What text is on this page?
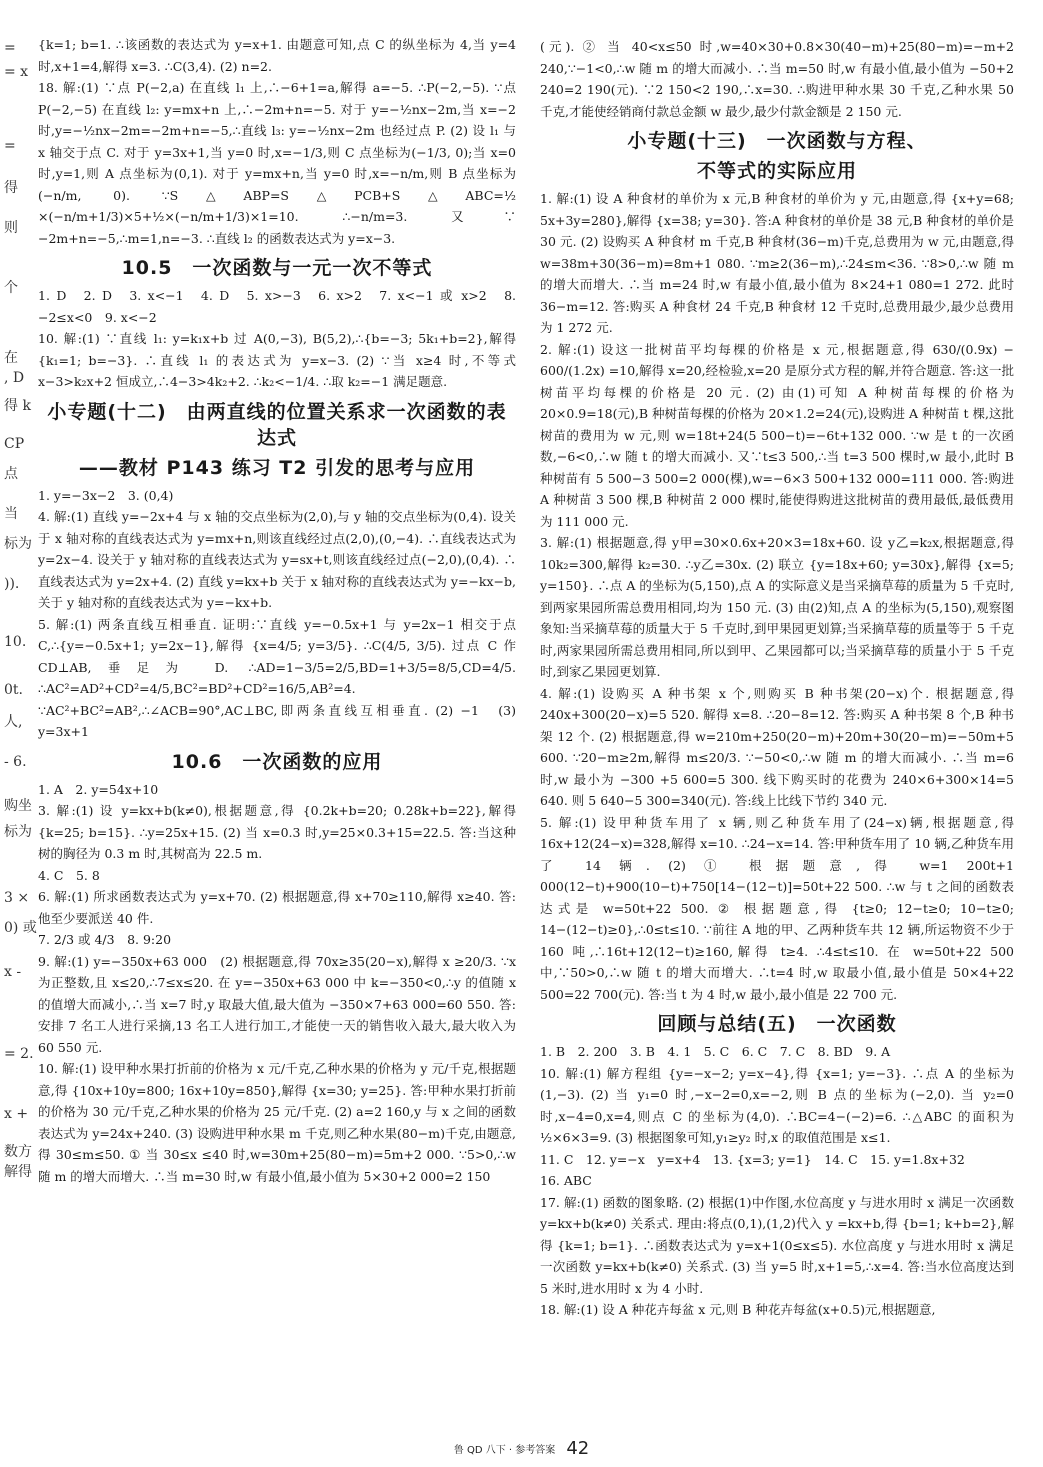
=
= x
=
得
则
个
在
, D
得 k
CP
点
当
标为
)).
10.
0t.
人,
- 6.
购坐
标为
3 ×
0) 或
x -
= 2.
x +
数方
解得

{k=1; b=1. ∴该函数的表达式为 y=x+1. 由题意可知,点 C 的纵坐标为 4,当 y=4 时,x+1=4,解得 x=3. ∴C(3,4). (2) n=2.

18. 解:(1) ∵点 P(−2,a) 在直线 l₁ 上,∴−6+1=a,解得 a=−5. ∴P(−2,−5). ∵点 P(−2,−5) 在直线 l₂: y=mx+n 上,∴−2m+n=−5. 对于 y=−½nx−2m,当 x=−2 时,y=−½nx−2m=−2m+n=−5,∴直线 l₃: y=−½nx−2m 也经过点 P. (2) 设 l₁ 与 x 轴交于点 C. 对于 y=3x+1,当 y=0 时,x=−1/3,则 C 点坐标为(−1/3, 0);当 x=0 时,y=1,则 A 点坐标为(0,1). 对于 y=mx+n,当 y=0 时,x=−n/m,则 B 点坐标为(−n/m, 0). ∵S△ABP=S△PCB+S△ABC=½ ×(−n/m+1/3)×5+½×(−n/m+1/3)×1=10. ∴−n/m=3. 又∵ −2m+n=−5,∴m=1,n=−3. ∴直线 l₂ 的函数表达式为 y=x−3.

10.5　一次函数与一元一次不等式

1. D　2. D　3. x<−1　4. D　5. x>−3　6. x>2　7. x<−1 或 x>2　8. −2≤x<0　9. x<−2

10. 解:(1) ∵直线 l₁: y=k₁x+b 过 A(0,−3), B(5,2),∴{b=−3; 5k₁+b=2},解得 {k₁=1; b=−3}. ∴直线 l₁ 的表达式为 y=x−3. (2) ∵当 x≥4 时,不等式 x−3>k₂x+2 恒成立,∴4−3>4k₂+2. ∴k₂<−1/4. ∴取 k₂=−1 满足题意.

小专题(十二)　由两直线的位置关系求一次函数的表达式
——教材 P143 练习 T2 引发的思考与应用

1. y=−3x−2　3. (0,4)

4. 解:(1) 直线 y=−2x+4 与 x 轴的交点坐标为(2,0),与 y 轴的交点坐标为(0,4). 设关于 x 轴对称的直线表达式为 y=mx+n,则该直线经过点(2,0),(0,−4). ∴直线表达式为 y=2x−4. 设关于 y 轴对称的直线表达式为 y=sx+t,则该直线经过点(−2,0),(0,4). ∴直线表达式为 y=2x+4. (2) 直线 y=kx+b 关于 x 轴对称的直线表达式为 y=−kx−b,关于 y 轴对称的直线表达式为 y=−kx+b.

5. 解:(1) 两条直线互相垂直. 证明:∵直线 y=−0.5x+1 与 y=2x−1 相交于点 C,∴{y=−0.5x+1; y=2x−1},解得 {x=4/5; y=3/5}. ∴C(4/5, 3/5). 过点 C 作 CD⊥AB,垂足为 D. ∴AD=1−3/5=2/5,BD=1+3/5=8/5,CD=4/5. ∴AC²=AD²+CD²=4/5,BC²=BD²+CD²=16/5,AB²=4. ∵AC²+BC²=AB²,∴∠ACB=90°,AC⊥BC,即两条直线互相垂直. (2) −1　(3) y=3x+1

10.6　一次函数的应用

1. A　2. y=54x+10

3. 解:(1) 设 y=kx+b(k≠0),根据题意,得 {0.2k+b=20; 0.28k+b=22},解得 {k=25; b=15}. ∴y=25x+15. (2) 当 x=0.3 时,y=25×0.3+15=22.5. 答:当这种树的胸径为 0.3 m 时,其树高为 22.5 m.

4. C　5. 8

6. 解:(1) 所求函数表达式为 y=x+70. (2) 根据题意,得 x+70≥110,解得 x≥40. 答:他至少要派送 40 件.

7. 2/3 或 4/3　8. 9:20

9. 解:(1) y=−350x+63 000　(2) 根据题意,得 70x≥35(20−x),解得 x ≥20/3. ∵x 为正整数,且 x≤20,∴7≤x≤20. 在 y=−350x+63 000 中 k=−350<0,∴y 的值随 x 的值增大而减小,∴当 x=7 时,y 取最大值,最大值为 −350×7+63 000=60 550. 答:安排 7 名工人进行采摘,13 名工人进行加工,才能使一天的销售收入最大,最大收入为 60 550 元.

10. 解:(1) 设甲种水果打折前的价格为 x 元/千克,乙种水果的价格为 y 元/千克,根据题意,得 {10x+10y=800; 16x+10y=850},解得 {x=30; y=25}. 答:甲种水果打折前的价格为 30 元/千克,乙种水果的价格为 25 元/千克. (2) a=2 160,y 与 x 之间的函数表达式为 y=24x+240. (3) 设购进甲种水果 m 千克,则乙种水果(80−m)千克,由题意,得 30≤m≤50. ① 当 30≤x ≤40 时,w=30m+25(80−m)=5m+2 000. ∵5>0,∴w 随 m 的增大而增大. ∴当 m=30 时,w 有最小值,最小值为 5×30+2 000=2 150

(元). ② 当 40<x≤50 时,w=40×30+0.8×30(40−m)+25(80−m)=−m+2 240,∵−1<0,∴w 随 m 的增大而减小. ∴当 m=50 时,w 有最小值,最小值为 −50+2 240=2 190(元). ∵2 150<2 190,∴x=30. ∴购进甲种水果 30 千克,乙种水果 50 千克,才能使经销商付款总金额 w 最少,最少付款金额是 2 150 元.

小专题(十三)　一次函数与方程、
不等式的实际应用

1. 解:(1) 设 A 种食材的单价为 x 元,B 种食材的单价为 y 元,由题意,得 {x+y=68; 5x+3y=280},解得 {x=38; y=30}. 答:A 种食材的单价是 38 元,B 种食材的单价是 30 元. (2) 设购买 A 种食材 m 千克,B 种食材(36−m)千克,总费用为 w 元,由题意,得 w=38m+30(36−m)=8m+1 080. ∵m≥2(36−m),∴24≤m<36. ∵8>0,∴w 随 m 的增大而增大. ∴当 m=24 时,w 有最小值,最小值为 8×24+1 080=1 272. 此时 36−m=12. 答:购买 A 种食材 24 千克,B 种食材 12 千克时,总费用最少,最少总费用为 1 272 元.

2. 解:(1) 设这一批树苗平均每棵的价格是 x 元,根据题意,得 630/(0.9x) − 600/(1.2x) =10,解得 x=20,经检验,x=20 是原分式方程的解,并符合题意. 答:这一批树苗平均每棵的价格是 20 元. (2) 由(1)可知 A 种树苗每棵的价格为 20×0.9=18(元),B 种树苗每棵的价格为 20×1.2=24(元),设购进 A 种树苗 t 棵,这批树苗的费用为 w 元,则 w=18t+24(5 500−t)=−6t+132 000. ∵w 是 t 的一次函数,−6<0,∴w 随 t 的增大而减小. 又∵t≤3 500,∴当 t=3 500 棵时,w 最小,此时 B 种树苗有 5 500−3 500=2 000(棵),w=−6×3 500+132 000=111 000. 答:购进 A 种树苗 3 500 棵,B 种树苗 2 000 棵时,能使得购进这批树苗的费用最低,最低费用为 111 000 元.

3. 解:(1) 根据题意,得 y甲=30×0.6x+20×3=18x+60. 设 y乙=k₂x,根据题意,得 10k₂=300,解得 k₂=30. ∴y乙=30x. (2) 联立 {y=18x+60; y=30x},解得 {x=5; y=150}. ∴点 A 的坐标为(5,150),点 A 的实际意义是当采摘草莓的质量为 5 千克时,到两家果园所需总费用相同,均为 150 元. (3) 由(2)知,点 A 的坐标为(5,150),观察图象知:当采摘草莓的质量大于 5 千克时,到甲果园更划算;当采摘草莓的质量等于 5 千克时,两家果园所需总费用相同,所以到甲、乙果园都可以;当采摘草莓的质量小于 5 千克时,到家乙果园更划算.

4. 解:(1) 设购买 A 种书架 x 个,则购买 B 种书架(20−x)个. 根据题意,得 240x+300(20−x)=5 520. 解得 x=8. ∴20−8=12. 答:购买 A 种书架 8 个,B 种书架 12 个. (2) 根据题意,得 w=210m+250(20−m)+20m+30(20−m)=−50m+5 600. ∵20−m≥2m,解得 m≤20/3. ∵−50<0,∴w 随 m 的增大而减小. ∴当 m=6 时,w 最小为 −300 +5 600=5 300. 线下购买时的花费为 240×6+300×14=5 640. 则 5 640−5 300=340(元). 答:线上比线下节约 340 元.

5. 解:(1) 设甲种货车用了 x 辆,则乙种货车用了(24−x)辆,根据题意,得 16x+12(24−x)=328,解得 x=10. ∴24−x=14. 答:甲种货车用了 10 辆,乙种货车用了 14 辆. (2) ① 根据题意,得 w=1 200t+1 000(12−t)+900(10−t)+750[14−(12−t)]=50t+22 500. ∴w 与 t 之间的函数表达式是 w=50t+22 500. ② 根据题意,得 {t≥0; 12−t≥0; 10−t≥0; 14−(12−t)≥0},∴0≤t≤10. ∵前往 A 地的甲、乙两种货车共 12 辆,所运物资不少于 160 吨,∴16t+12(12−t)≥160,解得 t≥4. ∴4≤t≤10. 在 w=50t+22 500 中,∵50>0,∴w 随 t 的增大而增大. ∴t=4 时,w 取最小值,最小值是 50×4+22 500=22 700(元). 答:当 t 为 4 时,w 最小,最小值是 22 700 元.

回顾与总结(五)　一次函数

1. B　2. 200　3. B　4. 1　5. C　6. C　7. C　8. BD　9. A

10. 解:(1) 解方程组 {y=−x−2; y=x−4},得 {x=1; y=−3}. ∴点 A 的坐标为(1,−3). (2) 当 y₁=0 时,−x−2=0,x=−2,则 B 点的坐标为(−2,0). 当 y₂=0 时,x−4=0,x=4,则点 C 的坐标为(4,0). ∴BC=4−(−2)=6. ∴△ABC 的面积为 ½×6×3=9. (3) 根据图象可知,y₁≥y₂ 时,x 的取值范围是 x≤1.

11. C　12. y=−x　y=x+4　13. {x=3; y=1}　14. C　15. y=1.8x+32

16. ABC

17. 解:(1) 函数的图象略. (2) 根据(1)中作图,水位高度 y 与进水用时 x 满足一次函数 y=kx+b(k≠0) 关系式. 理由:将点(0,1),(1,2)代入 y =kx+b,得 {b=1; k+b=2},解得 {k=1; b=1}. ∴函数表达式为 y=x+1(0≤x≤5). 水位高度 y 与进水用时 x 满足一次函数 y=kx+b(k≠0) 关系式. (3) 当 y=5 时,x+1=5,∴x=4. 答:当水位高度达到 5 米时,进水用时 x 为 4 小时.

18. 解:(1) 设 A 种花卉每盆 x 元,则 B 种花卉每盆(x+0.5)元,根据题意,

鲁 QD 八下 · 参考答案 42
